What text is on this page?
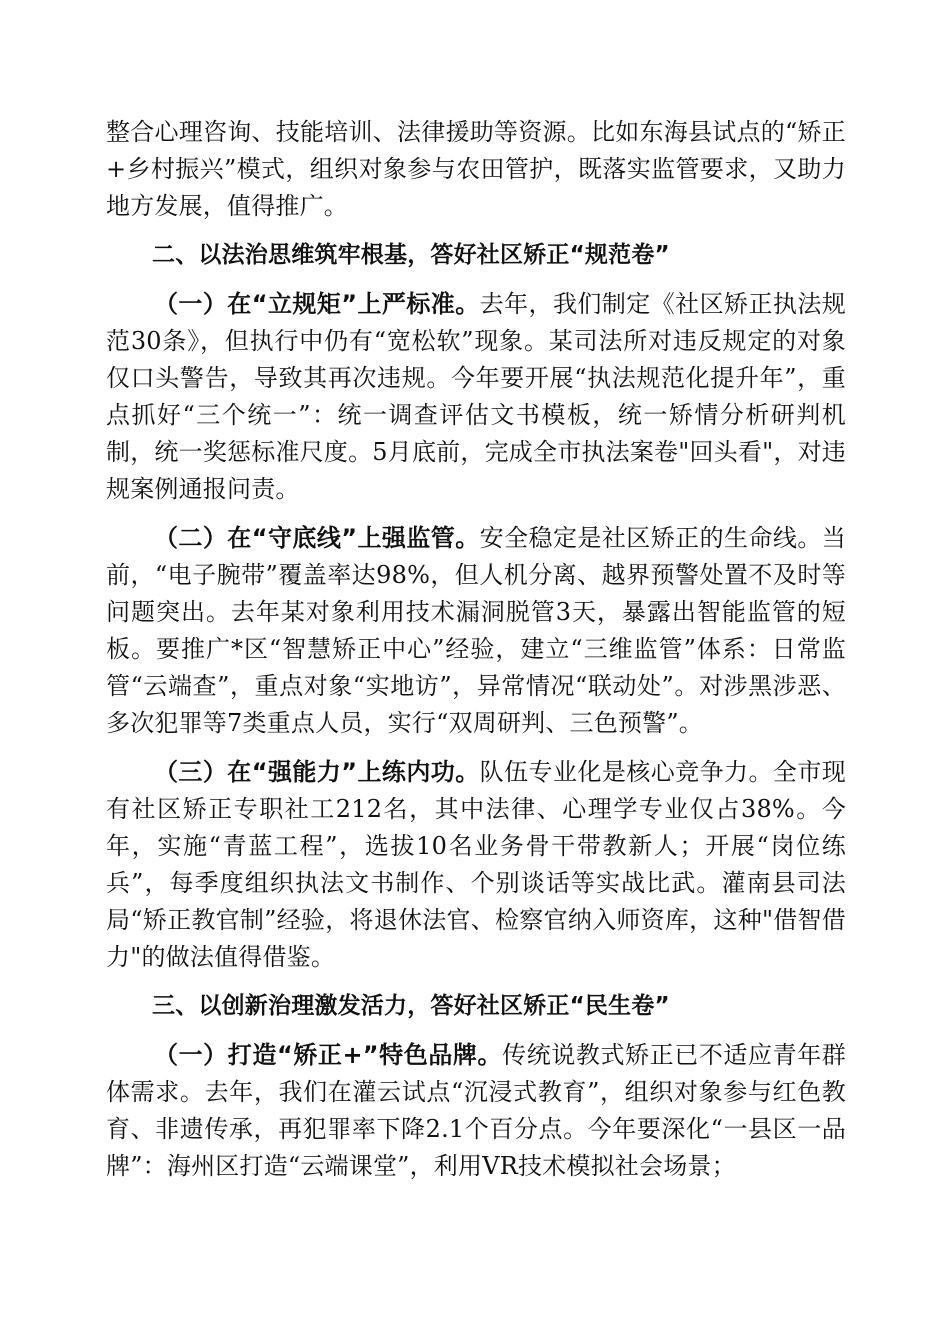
整合心理咨询、技能培训、法律援助等资源。比如东海县试点的“矫正+乡村振兴”模式，组织对象参与农田管护，既落实监管要求，又助力地方发展，值得推广。

二、以法治思维筑牢根基，答好社区矫正“规范卷”

（一）在“立规矩”上严标准。去年，我们制定《社区矫正执法规范30条》，但执行中仍有“宽松软”现象。某司法所对违反规定的对象仅口头警告，导致其再次违规。今年要开展“执法规范化提升年”，重点抓好“三个统一”：统一调查评估文书模板，统一矫情分析研判机制，统一奖惩标准尺度。5月底前，完成全市执法案卷"回头看"，对违规案例通报问责。

（二）在“守底线”上强监管。安全稳定是社区矫正的生命线。当前，“电子腕带”覆盖率达98%，但人机分离、越界预警处置不及时等问题突出。去年某对象利用技术漏洞脱管3天，暴露出智能监管的短板。要推广*区“智慧矫正中心”经验，建立“三维监管”体系：日常监管“云端查”，重点对象“实地访”，异常情况“联动处”。对涉黑涉恶、多次犯罪等7类重点人员，实行“双周研判、三色预警”。

（三）在“强能力”上练内功。队伍专业化是核心竞争力。全市现有社区矫正专职社工212名，其中法律、心理学专业仅占38%。今年，实施“青蓝工程”，选拔10名业务骨干带教新人；开展“岗位练兵”，每季度组织执法文书制作、个别谈话等实战比武。灌南县司法局“矫正教官制”经验，将退休法官、检察官纳入师资库，这种"借智借力"的做法值得借鉴。

三、以创新治理激发活力，答好社区矫正“民生卷”

（一）打造“矫正+”特色品牌。传统说教式矫正已不适应青年群体需求。去年，我们在灌云试点“沉浸式教育”，组织对象参与红色教育、非遗传承，再犯罪率下降2.1个百分点。今年要深化“一县区一品牌”：海州区打造“云端课堂”，利用VR技术模拟社会场景；
